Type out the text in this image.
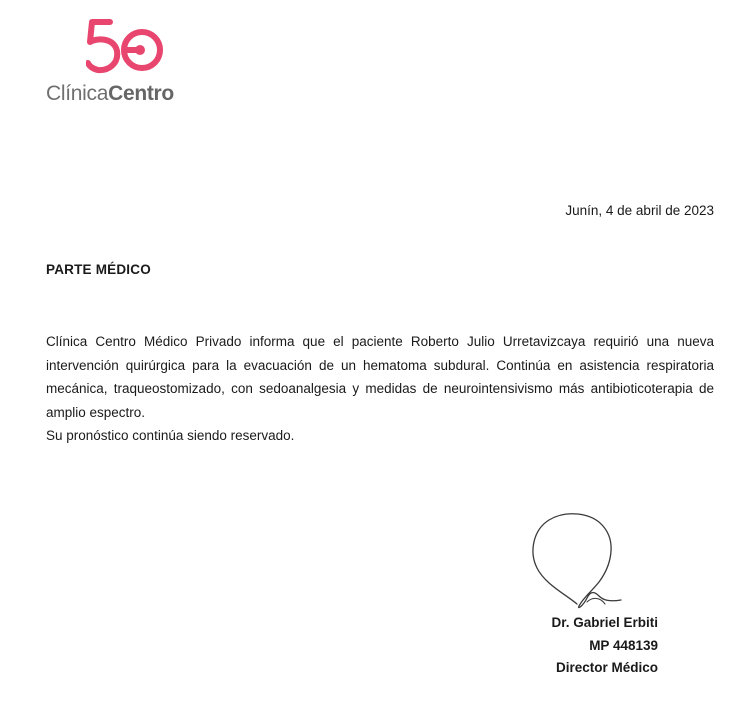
ClínicaCentro
Junín, 4 de abril de 2023
PARTE MÉDICO

Clínica Centro Médico Privado informa que el paciente Roberto Julio Urretavizcaya requirió una nueva intervención quirúrgica para la evacuación de un hematoma subdural. Continúa en asistencia respiratoria mecánica, traqueostomizado, con sedoanalgesia y medidas de neurointensivismo más antibioticoterapia de amplio espectro.

Su pronóstico continúa siendo reservado.

Dr. Gabriel Erbiti
MP 448139
Director Médico
